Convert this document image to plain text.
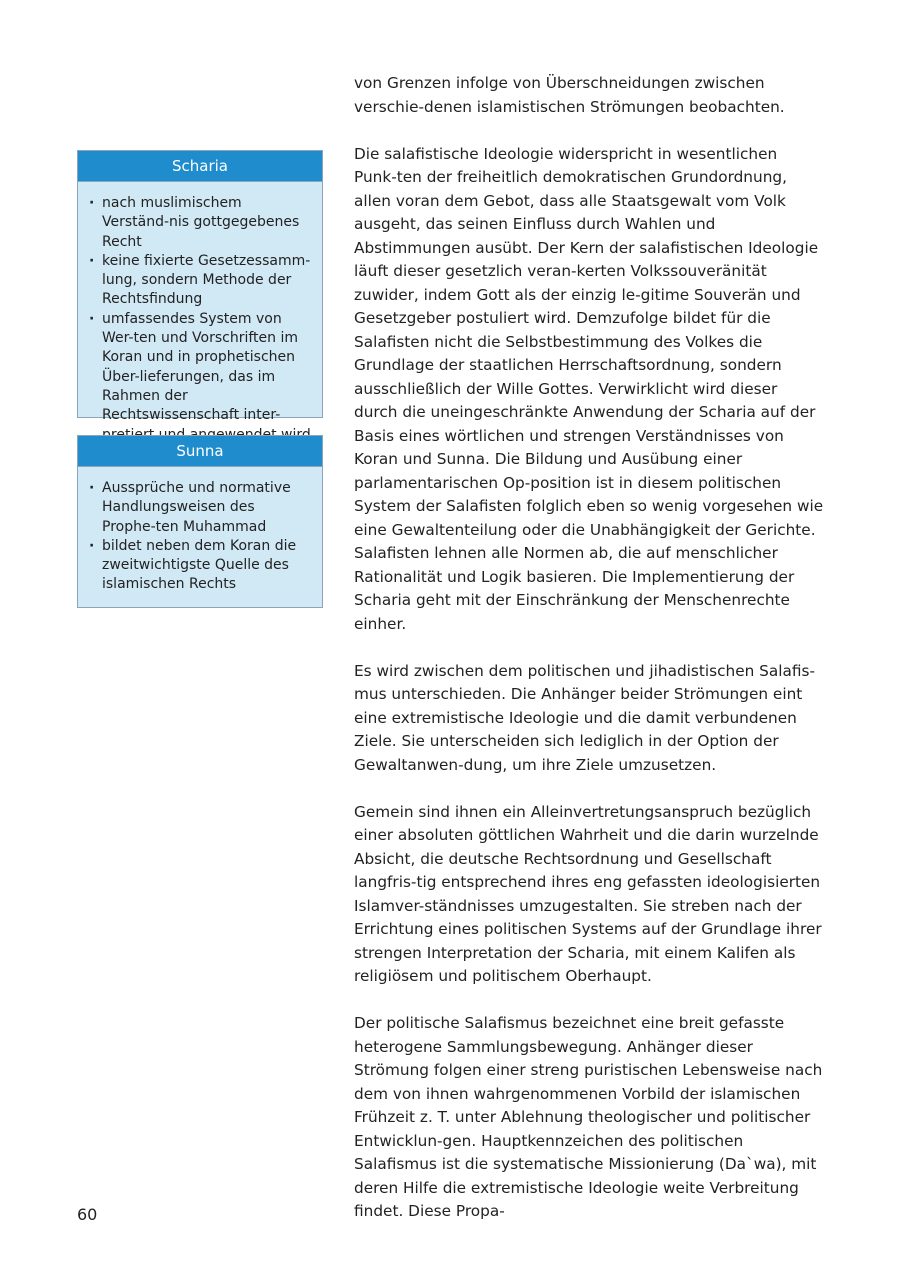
Scharia
· nach muslimischem Verständ-nis gottgegebenes Recht
· keine fixierte Gesetzessamm-lung, sondern Methode der Rechtsfindung
· umfassendes System von Wer-ten und Vorschriften im Koran und in prophetischen Über-lieferungen, das im Rahmen der Rechtswissenschaft inter-
Sunna
· Aussprüche und normative Handlungsweisen des Prophe-ten Muhammad
· bildet neben dem Koran die zweitwichtigste Quelle des islamischen Rechts

von Grenzen infolge von Überschneidungen zwischen verschie-denen islamistischen Strömungen beobachten.

Die salafistische Ideologie widerspricht in wesentlichen Punk-ten der freiheitlich demokratischen Grundordnung, allen voran dem Gebot, dass alle Staatsgewalt vom Volk ausgeht, das seinen Einfluss durch Wahlen und Abstimmungen ausübt. Der Kern der salafistischen Ideologie läuft dieser gesetzlich veran-kerten Volkssouveränität zuwider, indem Gott als der einzig le-gitime Souverän und Gesetzgeber postuliert wird. Demzufolge bildet für die Salafisten nicht die Selbstbestimmung des Volkes die Grundlage der staatlichen Herrschaftsordnung, sondern ausschließlich der Wille Gottes. Verwirklicht wird dieser durch die uneingeschränkte Anwendung der Scharia auf der Basis eines wörtlichen und strengen Verständnisses von Koran und Sunna. Die Bildung und Ausübung einer parlamentarischen Op-position ist in diesem politischen System der Salafisten folglich eben so wenig vorgesehen wie eine Gewaltenteilung oder die Unabhängigkeit der Gerichte. Salafisten lehnen alle Normen ab, die auf menschlicher Rationalität und Logik basieren. Die Implementierung der Scharia geht mit der Einschränkung der Menschenrechte einher.

Es wird zwischen dem politischen und jihadistischen Salafis-mus unterschieden. Die Anhänger beider Strömungen eint eine extremistische Ideologie und die damit verbundenen Ziele. Sie unterscheiden sich lediglich in der Option der Gewaltanwen-dung, um ihre Ziele umzusetzen.

Gemein sind ihnen ein Alleinvertretungsanspruch bezüglich einer absoluten göttlichen Wahrheit und die darin wurzelnde Absicht, die deutsche Rechtsordnung und Gesellschaft langfris-tig entsprechend ihres eng gefassten ideologisierten Islamver-ständnisses umzugestalten. Sie streben nach der Errichtung eines politischen Systems auf der Grundlage ihrer strengen Interpretation der Scharia, mit einem Kalifen als religiösem und politischem Oberhaupt.

Der politische Salafismus bezeichnet eine breit gefasste heterogene Sammlungsbewegung. Anhänger dieser Strömung folgen einer streng puristischen Lebensweise nach dem von ihnen wahrgenommenen Vorbild der islamischen Frühzeit z. T. unter Ablehnung theologischer und politischer Entwicklun-gen. Hauptkennzeichen des politischen Salafismus ist die systematische Missionierung (Da`wa), mit deren Hilfe die extremistische Ideologie weite Verbreitung findet. Diese Propa-

60
